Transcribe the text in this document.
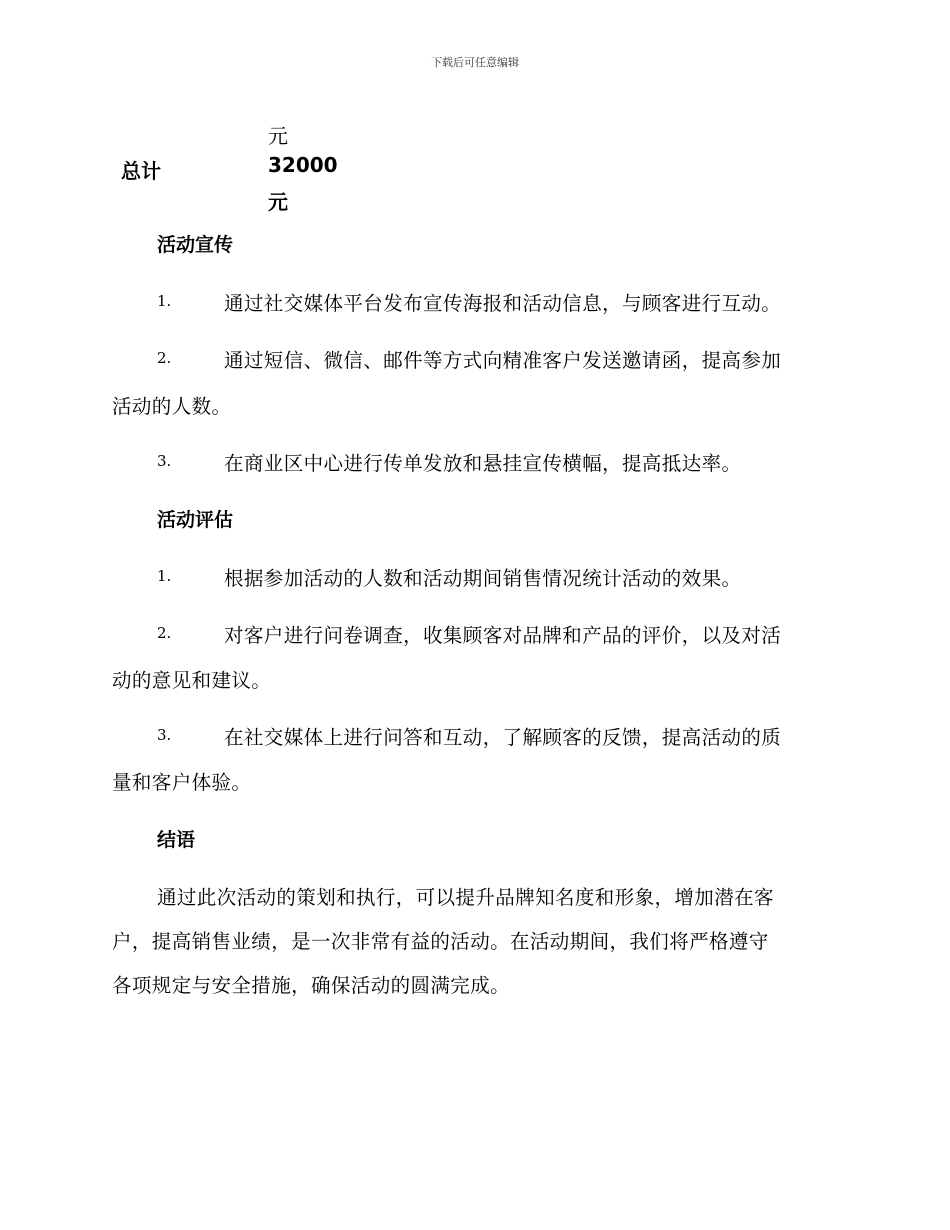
下载后可任意编辑
元
总计	32000
元
活动宣传
1.	通过社交媒体平台发布宣传海报和活动信息，与顾客进行互动。
2.	通过短信、微信、邮件等方式向精准客户发送邀请函，提高参加
活动的人数。
3.	在商业区中心进行传单发放和悬挂宣传横幅，提高抵达率。
活动评估
1.	根据参加活动的人数和活动期间销售情况统计活动的效果。
2.	对客户进行问卷调查，收集顾客对品牌和产品的评价，以及对活
动的意见和建议。
3.	在社交媒体上进行问答和互动，了解顾客的反馈，提高活动的质
量和客户体验。
结语
通过此次活动的策划和执行，可以提升品牌知名度和形象，增加潜在客
户，提高销售业绩，是一次非常有益的活动。在活动期间，我们将严格遵守
各项规定与安全措施，确保活动的圆满完成。
